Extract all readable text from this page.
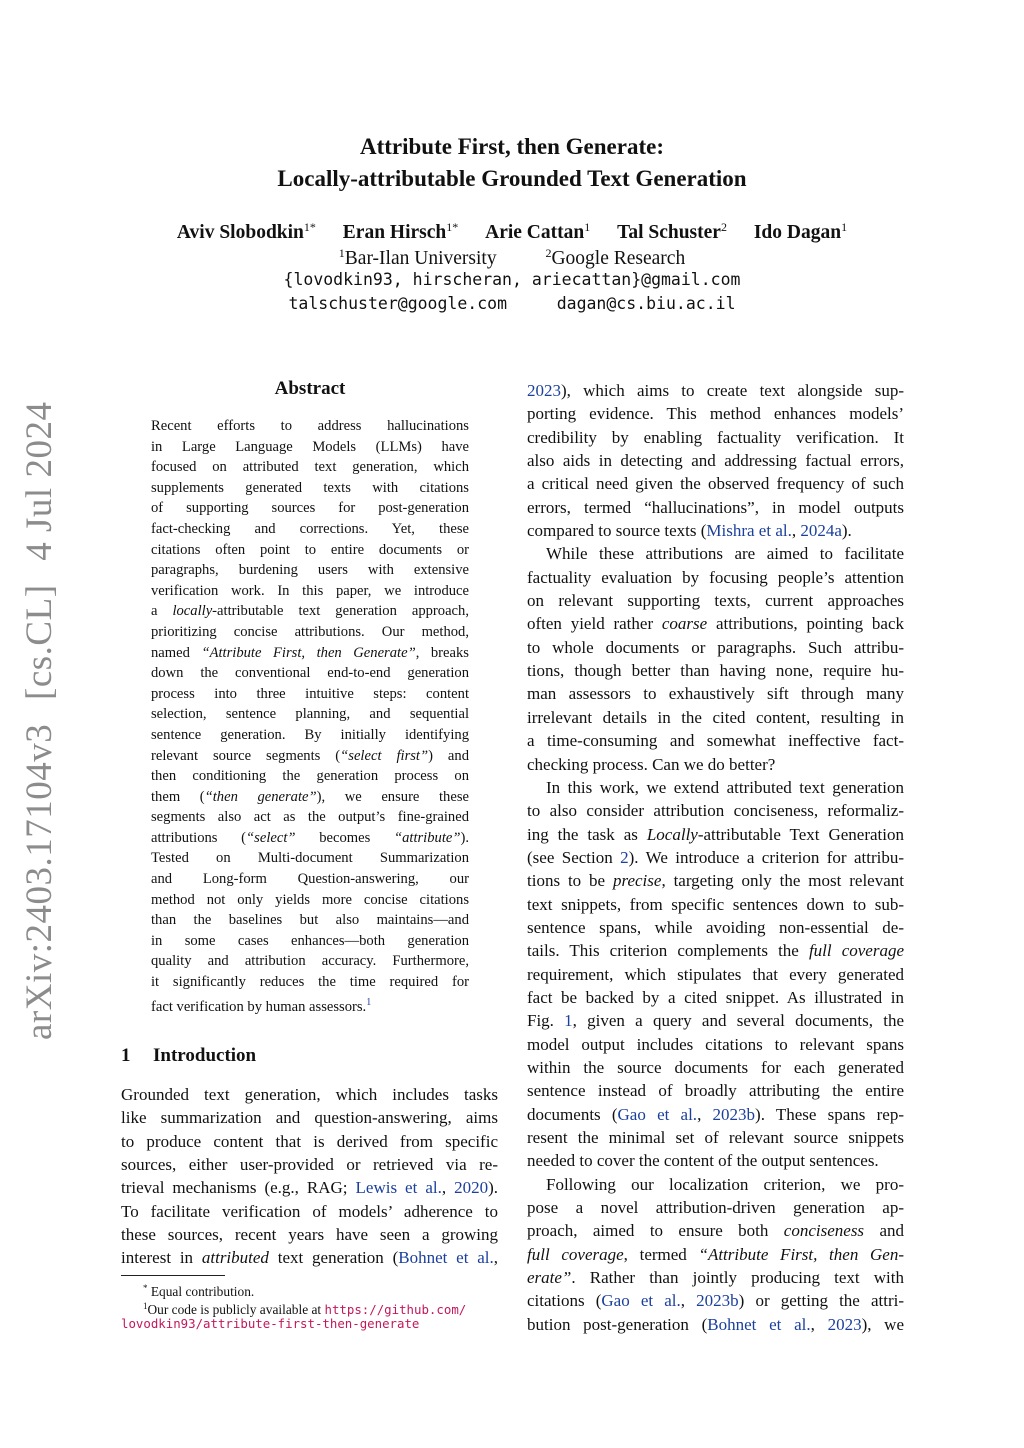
arXiv:2403.17104v3 [cs.CL] 4 Jul 2024
Attribute First, then Generate:
Locally-attributable Grounded Text Generation
Aviv Slobodkin$^{1*}$ Eran Hirsch$^{1*}$ Arie Cattan$^1$ Tal Schuster$^2$ Ido Dagan$^1$
$^1$Bar-Ilan University	$^2$Google Research
{lovodkin93, hirscheran, ariecattan}@gmail.com
talschuster@google.com     dagan@cs.biu.ac.il
Abstract
Recent efforts to address hallucinations
in Large Language Models (LLMs) have
focused on attributed text generation, which
supplements generated texts with citations
of supporting sources for post-generation
fact-checking and corrections. Yet, these
citations often point to entire documents or
paragraphs, burdening users with extensive
verification work. In this paper, we introduce
a locally-attributable text generation approach,
prioritizing concise attributions. Our method,
named “Attribute First, then Generate”, breaks
down the conventional end-to-end generation
process into three intuitive steps: content
selection, sentence planning, and sequential
sentence generation. By initially identifying
relevant source segments (“select first”) and
then conditioning the generation process on
them (“then generate”), we ensure these
segments also act as the output’s fine-grained
attributions (“select” becomes “attribute”).
Tested on Multi-document Summarization
and Long-form Question-answering, our
method not only yields more concise citations
than the baselines but also maintains—and
in some cases enhances—both generation
quality and attribution accuracy. Furthermore,
it significantly reduces the time required for
fact verification by human assessors.$^1$
1 Introduction
Grounded text generation, which includes tasks
like summarization and question-answering, aims
to produce content that is derived from specific
sources, either user-provided or retrieved via re-
trieval mechanisms (e.g., RAG; Lewis et al., 2020).
To facilitate verification of models’ adherence to
these sources, recent years have seen a growing
interest in attributed text generation (Bohnet et al.,
2023), which aims to create text alongside sup-
porting evidence. This method enhances models’
credibility by enabling factuality verification. It
also aids in detecting and addressing factual errors,
a critical need given the observed frequency of such
errors, termed “hallucinations”, in model outputs
compared to source texts (Mishra et al., 2024a).
While these attributions are aimed to facilitate
factuality evaluation by focusing people’s attention
on relevant supporting texts, current approaches
often yield rather coarse attributions, pointing back
to whole documents or paragraphs. Such attribu-
tions, though better than having none, require hu-
man assessors to exhaustively sift through many
irrelevant details in the cited content, resulting in
a time-consuming and somewhat ineffective fact-
checking process. Can we do better?
In this work, we extend attributed text generation
to also consider attribution conciseness, reformaliz-
ing the task as Locally-attributable Text Generation
(see Section 2). We introduce a criterion for attribu-
tions to be precise, targeting only the most relevant
text snippets, from specific sentences down to sub-
sentence spans, while avoiding non-essential de-
tails. This criterion complements the full coverage
requirement, which stipulates that every generated
fact be backed by a cited snippet. As illustrated in
Fig. 1, given a query and several documents, the
model output includes citations to relevant spans
within the source documents for each generated
sentence instead of broadly attributing the entire
documents (Gao et al., 2023b). These spans rep-
resent the minimal set of relevant source snippets
needed to cover the content of the output sentences.
Following our localization criterion, we pro-
pose a novel attribution-driven generation ap-
proach, aimed to ensure both conciseness and
full coverage, termed “Attribute First, then Gen-
erate”. Rather than jointly producing text with
citations (Gao et al., 2023b) or getting the attri-
bution post-generation (Bohnet et al., 2023), we
* Equal contribution.
$^1$Our code is publicly available at https://github.com/
lovodkin93/attribute-first-then-generate
